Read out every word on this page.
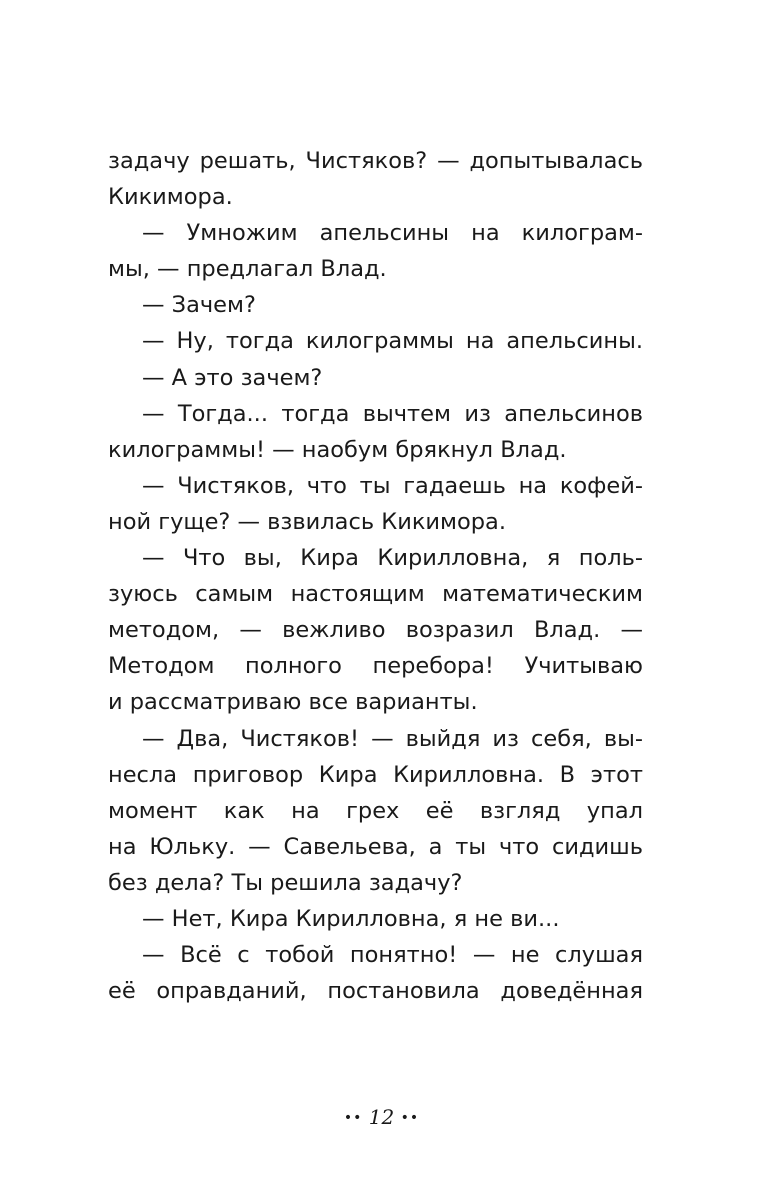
задачу решать, Чистяков? — допытывалась
Кикимора.
— Умножим апельсины на килограм-
мы, — предлагал Влад.
— Зачем?
— Ну, тогда килограммы на апельсины.
— А это зачем?
— Тогда... тогда вычтем из апельсинов
килограммы! — наобум брякнул Влад.
— Чистяков, что ты гадаешь на кофей-
ной гуще? — взвилась Кикимора.
— Что вы, Кира Кирилловна, я поль-
зуюсь самым настоящим математическим
методом, — вежливо возразил Влад. —
Методом полного перебора! Учитываю
и рассматриваю все варианты.
— Два, Чистяков! — выйдя из себя, вы-
несла приговор Кира Кирилловна. В этот
момент как на грех её взгляд упал
на Юльку. — Савельева, а ты что сидишь
без дела? Ты решила задачу?
— Нет, Кира Кирилловна, я не ви...
— Всё с тобой понятно! — не слушая
её оправданий, постановила доведённая
•• 12 ••
